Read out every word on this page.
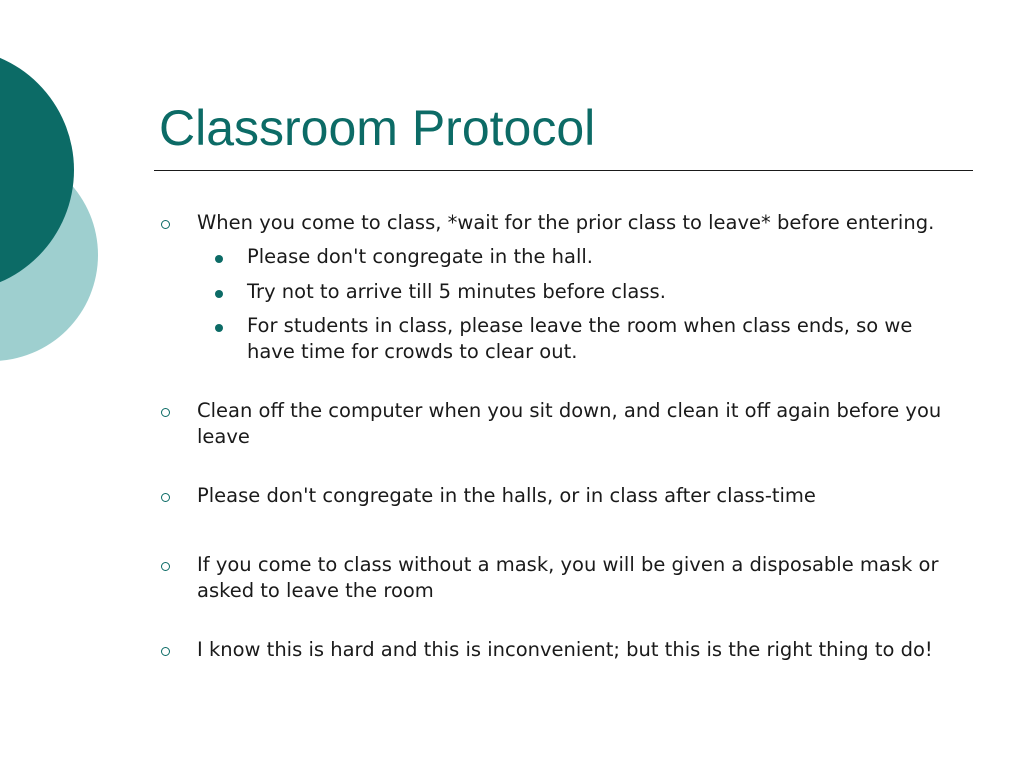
Classroom Protocol
When you come to class, *wait for the prior class to leave* before entering.
Please don't congregate in the hall.
Try not to arrive till 5 minutes before class.
For students in class, please leave the room when class ends, so we have time for crowds to clear out.
Clean off the computer when you sit down, and clean it off again before you leave
Please don't congregate in the halls, or in class after class-time
If you come to class without a mask, you will be given a disposable mask or asked to leave the room
I know this is hard and this is inconvenient; but this is the right thing to do!
